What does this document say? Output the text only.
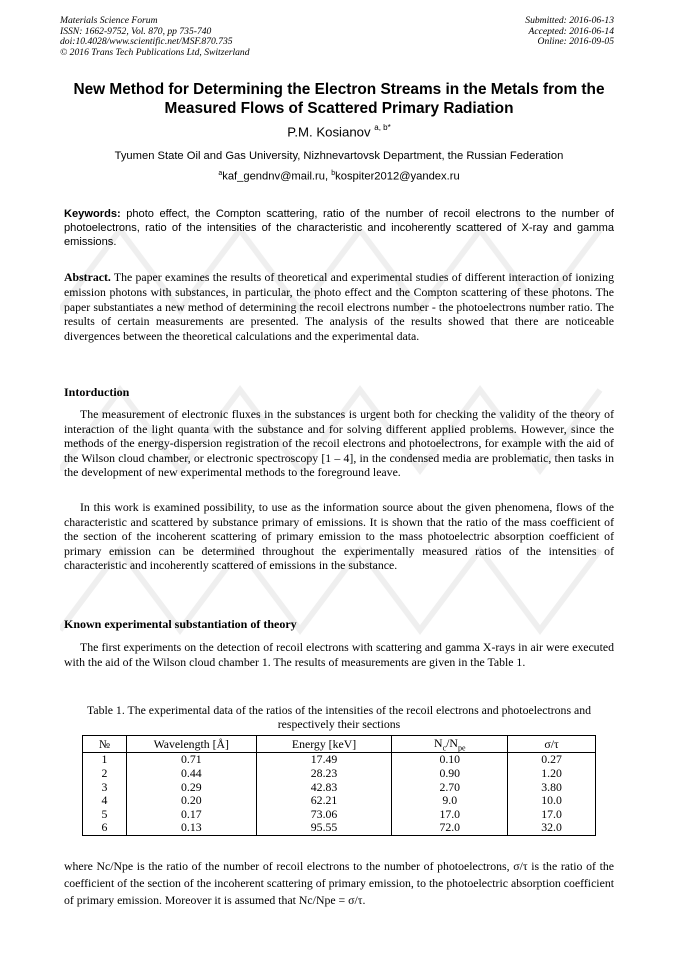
Materials Science Forum
ISSN: 1662-9752, Vol. 870, pp 735-740
doi:10.4028/www.scientific.net/MSF.870.735
© 2016 Trans Tech Publications Ltd, Switzerland
Submitted: 2016-06-13
Accepted: 2016-06-14
Online: 2016-09-05
New Method for Determining the Electron Streams in the Metals from the Measured Flows of Scattered Primary Radiation
P.M. Kosianov $^{a, b*}$
Tyumen State Oil and Gas University, Nizhnevartovsk Department, the Russian Federation
$^a$kaf_gendnv@mail.ru, $^b$kospiter2012@yandex.ru
Keywords: photo effect, the Compton scattering, ratio of the number of recoil electrons to the number of photoelectrons, ratio of the intensities of the characteristic and incoherently scattered of X-ray and gamma emissions.
Abstract. The paper examines the results of theoretical and experimental studies of different interaction of ionizing emission photons with substances, in particular, the photo effect and the Compton scattering of these photons. The paper substantiates a new method of determining the recoil electrons number - the photoelectrons number ratio. The results of certain measurements are presented. The analysis of the results showed that there are noticeable divergences between the theoretical calculations and the experimental data.
Intorduction
The measurement of electronic fluxes in the substances is urgent both for checking the validity of the theory of interaction of the light quanta with the substance and for solving different applied problems. However, since the methods of the energy-dispersion registration of the recoil electrons and photoelectrons, for example with the aid of the Wilson cloud chamber, or electronic spectroscopy [1 – 4], in the condensed media are problematic, then tasks in the development of new experimental methods to the foreground leave.
In this work is examined possibility, to use as the information source about the given phenomena, flows of the characteristic and scattered by substance primary of emissions. It is shown that the ratio of the mass coefficient of the section of the incoherent scattering of primary emission to the mass photoelectric absorption coefficient of primary emission can be determined throughout the experimentally measured ratios of the intensities of characteristic and incoherently scattered of emissions in the substance.
Known experimental substantiation of theory
The first experiments on the detection of recoil electrons with scattering and gamma X-rays in air were executed with the aid of the Wilson cloud chamber 1. The results of measurements are given in the Table 1.
Table 1. The experimental data of the ratios of the intensities of the recoil electrons and photoelectrons and respectively their sections
№	Wavelength [Å]	Energy [keV]	$N_c/N_{pe}$	σ/τ
1	0.71	17.49	0.10	0.27
2	0.44	28.23	0.90	1.20
3	0.29	42.83	2.70	3.80
4	0.20	62.21	9.0	10.0
5	0.17	73.06	17.0	17.0
6	0.13	95.55	72.0	32.0
where Nc/Npe is the ratio of the number of recoil electrons to the number of photoelectrons, σ/τ is the ratio of the coefficient of the section of the incoherent scattering of primary emission, to the photoelectric absorption coefficient of primary emission. Moreover it is assumed that Nc/Npe = σ/τ.
